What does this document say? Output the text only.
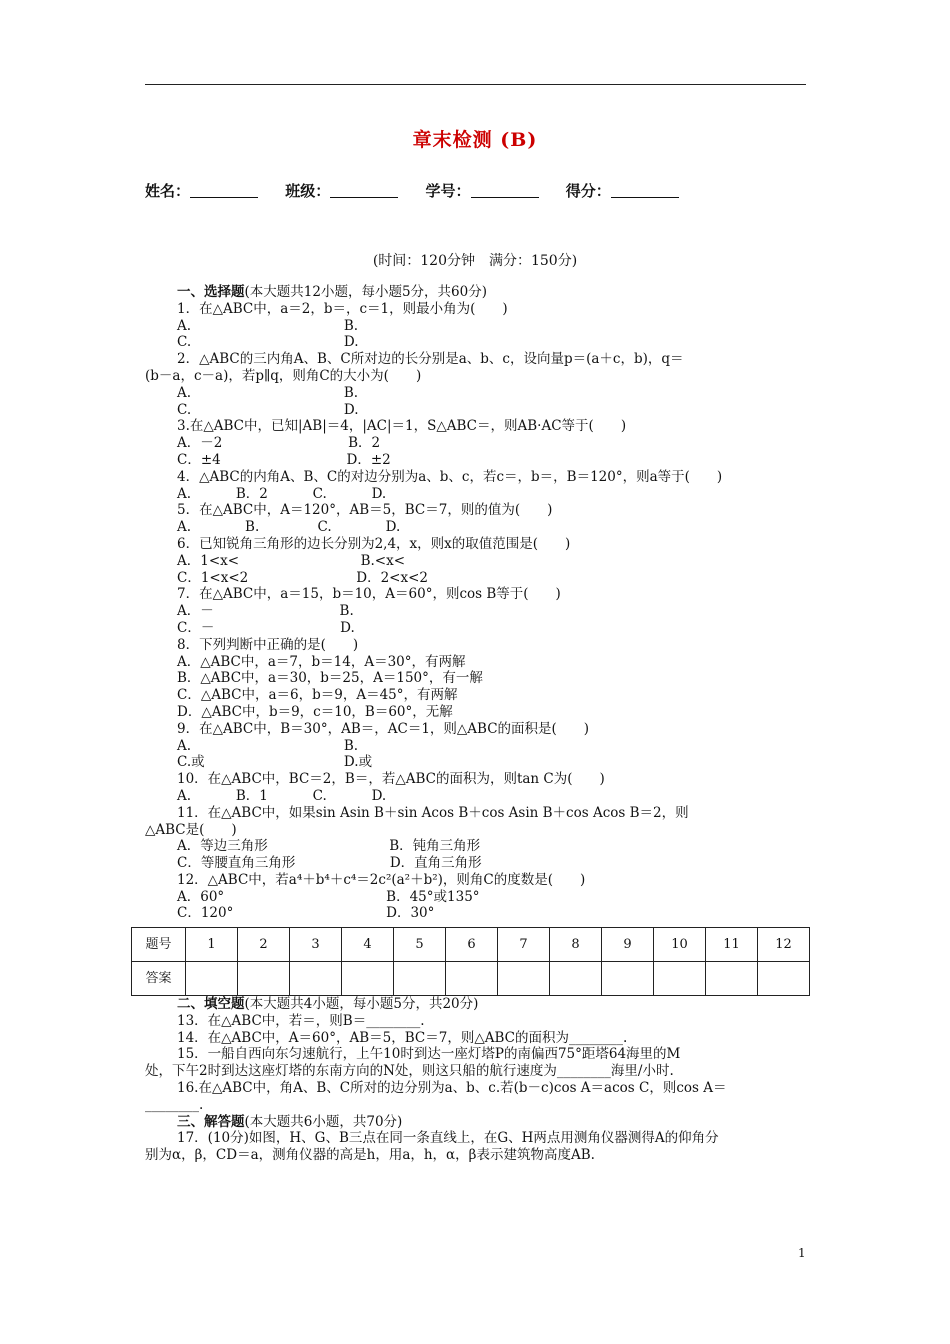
章末检测 (B)
姓名：	班级：	学号：	得分：
(时间：120分钟　满分：150分)
一、选择题(本大题共12小题，每小题5分，共60分)
1．在△ABC中，a＝2，b＝，c＝1，则最小角为(　　)
A.　　　　　　　　　　　 B.
C.　　　　　　　　　　　 D.
2．△ABC的三内角A、B、C所对边的长分别是a、b、c，设向量p＝(a＋c，b)，q＝
(b－a，c－a)，若p∥q，则角C的大小为(　　)
A.　　　　　　　　　　　 B.
C.　　　　　　　　　　　 D.
3.在△ABC中，已知|AB|＝4，|AC|＝1，S△ABC＝，则AB·AC等于(　　)
A．－2　　　　　　　　　 B．2
C．±4　　　　　　　　　 D．±2
4．△ABC的内角A、B、C的对边分别为a、b、c，若c＝，b＝，B＝120°，则a等于(　　)
A.　　　 B．2　　　 C.　　　 D.
5．在△ABC中，A＝120°，AB＝5，BC＝7，则的值为(　　)
A.　　　　B.　　　　 C.　　　　D.
6．已知锐角三角形的边长分别为2,4，x，则x的取值范围是(　　)
A．1<x<　　　　　　　　　B.<x<
C．1<x<2　　　　　　　　D．2<x<2
7．在△ABC中，a＝15，b＝10，A＝60°，则cos B等于(　　)
A．－　　　　　　　　　 B.
C．－　　　　　　　　　 D.
8．下列判断中正确的是(　　)
A．△ABC中，a＝7，b＝14，A＝30°，有两解
B．△ABC中，a＝30，b＝25，A＝150°，有一解
C．△ABC中，a＝6，b＝9，A＝45°，有两解
D．△ABC中，b＝9，c＝10，B＝60°，无解
9．在△ABC中，B＝30°，AB＝，AC＝1，则△ABC的面积是(　　)
A.　　　　　　　　　　　 B.
C.或　　　　　　　　　　 D.或
10．在△ABC中，BC＝2，B＝，若△ABC的面积为，则tan C为(　　)
A.　　　 B．1　　　 C.　　　 D.
11．在△ABC中，如果sin Asin B＋sin Acos B＋cos Asin B＋cos Acos B＝2，则
△ABC是(　　)
A．等边三角形　　　　　　　　　B．钝角三角形
C．等腰直角三角形　　　　　　　D．直角三角形
12．△ABC中，若a⁴＋b⁴＋c⁴＝2c²(a²＋b²)，则角C的度数是(　　)
A．60°　　　　　　　　　　　　B．45°或135°
C．120°　　　　　　　　　　　 D．30°
题号	1	2	3	4	5	6	7	8	9	10	11	12
答案												
二、填空题(本大题共4小题，每小题5分，共20分)
13．在△ABC中，若＝，则B＝________.
14．在△ABC中，A＝60°，AB＝5，BC＝7，则△ABC的面积为________.
15．一船自西向东匀速航行，上午10时到达一座灯塔P的南偏西75°距塔64海里的M
处，下午2时到达这座灯塔的东南方向的N处，则这只船的航行速度为________海里/小时.
16.在△ABC中，角A、B、C所对的边分别为a、b、c.若(b－c)cos A＝acos C，则cos A＝
________.
三、解答题(本大题共6小题，共70分)
17．(10分)如图，H、G、B三点在同一条直线上，在G、H两点用测角仪器测得A的仰角分
别为α，β，CD＝a，测角仪器的高是h，用a，h，α，β表示建筑物高度AB.
1
